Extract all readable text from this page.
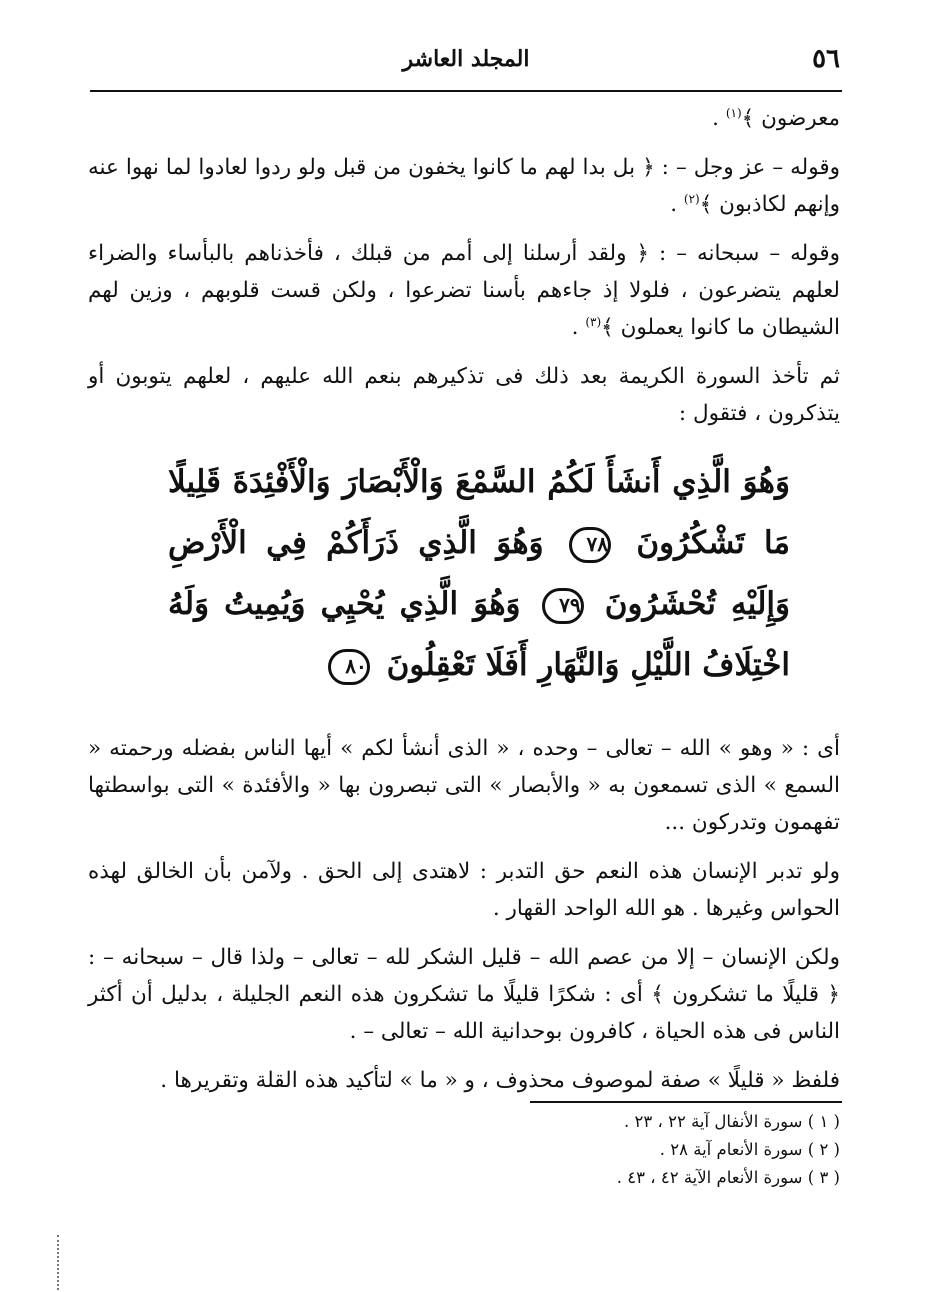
٥٦
المجلد العاشر

معرضون ﴾$^{(١)}$ .

وقوله – عز وجل – : ﴿ بل بدا لهم ما كانوا يخفون من قبل ولو ردوا لعادوا لما نهوا عنه وإنهم لكاذبون ﴾$^{(٢)}$ .

وقوله – سبحانه – : ﴿ ولقد أرسلنا إلى أمم من قبلك ، فأخذناهم بالبأساء والضراء لعلهم يتضرعون ، فلولا إذ جاءهم بأسنا تضرعوا ، ولكن قست قلوبهم ، وزين لهم الشيطان ما كانوا يعملون ﴾$^{(٣)}$ .

ثم تأخذ السورة الكريمة بعد ذلك فى تذكيرهم بنعم الله عليهم ، لعلهم يتوبون أو يتذكرون ، فتقول :

وَهُوَ الَّذِي أَنشَأَ لَكُمُ السَّمْعَ وَالْأَبْصَارَ وَالْأَفْئِدَةَ قَلِيلًا مَا تَشْكُرُونَ ٧٨ وَهُوَ الَّذِي ذَرَأَكُمْ فِي الْأَرْضِ وَإِلَيْهِ تُحْشَرُونَ ٧٩ وَهُوَ الَّذِي يُحْيِي وَيُمِيتُ وَلَهُ اخْتِلَافُ اللَّيْلِ وَالنَّهَارِ أَفَلَا تَعْقِلُونَ ٨٠

أى : « وهو » الله – تعالى – وحده ، « الذى أنشأ لكم » أيها الناس بفضله ورحمته « السمع » الذى تسمعون به « والأبصار » التى تبصرون بها « والأفئدة » التى بواسطتها تفهمون وتدركون ...

ولو تدبر الإنسان هذه النعم حق التدبر : لاهتدى إلى الحق . ولآمن بأن الخالق لهذه الحواس وغيرها . هو الله الواحد القهار .

ولكن الإنسان – إلا من عصم الله – قليل الشكر لله – تعالى – ولذا قال – سبحانه – : ﴿ قليلًا ما تشكرون ﴾ أى : شكرًا قليلًا ما تشكرون هذه النعم الجليلة ، بدليل أن أكثر الناس فى هذه الحياة ، كافرون بوحدانية الله – تعالى – .

فلفظ « قليلًا » صفة لموصوف محذوف ، و « ما » لتأكيد هذه القلة وتقريرها .

( ١ ) سورة الأنفال آية ٢٢ ، ٢٣ .
( ٢ ) سورة الأنعام آية ٢٨ .
( ٣ ) سورة الأنعام الآية ٤٢ ، ٤٣ .
